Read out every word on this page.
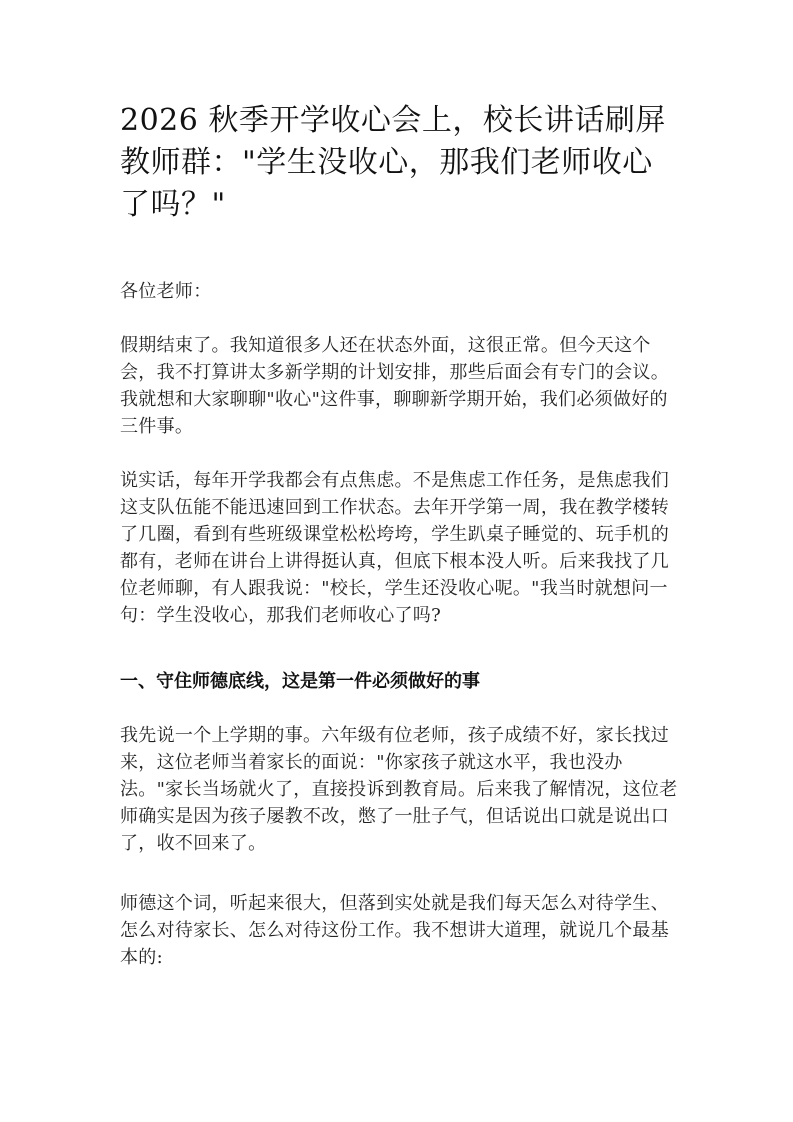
2026 秋季开学收心会上，校长讲话刷屏教师群："学生没收心，那我们老师收心了吗？"

各位老师：

假期结束了。我知道很多人还在状态外面，这很正常。但今天这个会，我不打算讲太多新学期的计划安排，那些后面会有专门的会议。我就想和大家聊聊"收心"这件事，聊聊新学期开始，我们必须做好的三件事。

说实话，每年开学我都会有点焦虑。不是焦虑工作任务，是焦虑我们这支队伍能不能迅速回到工作状态。去年开学第一周，我在教学楼转了几圈，看到有些班级课堂松松垮垮，学生趴桌子睡觉的、玩手机的都有，老师在讲台上讲得挺认真，但底下根本没人听。后来我找了几位老师聊，有人跟我说："校长，学生还没收心呢。"我当时就想问一句：学生没收心，那我们老师收心了吗?

一、守住师德底线，这是第一件必须做好的事

我先说一个上学期的事。六年级有位老师，孩子成绩不好，家长找过来，这位老师当着家长的面说："你家孩子就这水平，我也没办法。"家长当场就火了，直接投诉到教育局。后来我了解情况，这位老师确实是因为孩子屡教不改，憋了一肚子气，但话说出口就是说出口了，收不回来了。

师德这个词，听起来很大，但落到实处就是我们每天怎么对待学生、怎么对待家长、怎么对待这份工作。我不想讲大道理，就说几个最基本的:
